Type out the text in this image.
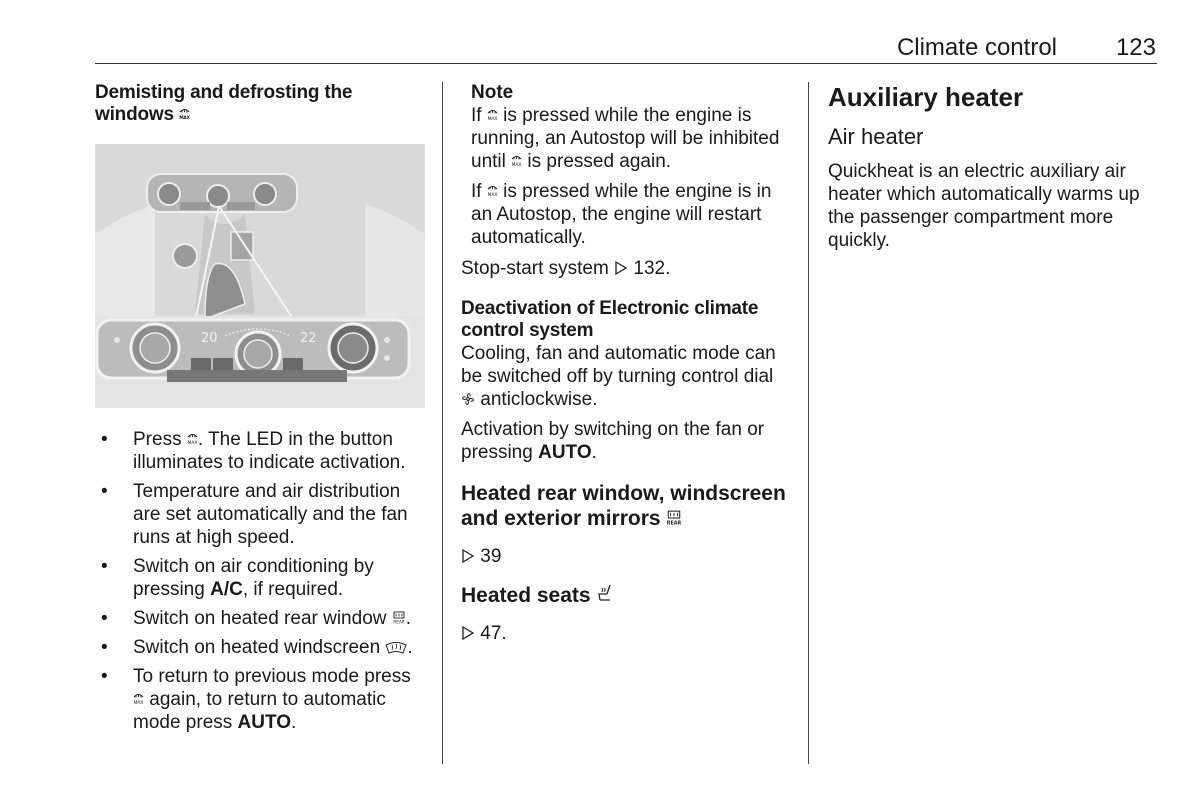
Climate control 123

Demisting and defrosting the windows MAX

20	22
• Press MAX . The LED in the button illuminates to indicate activation.
• Temperature and air distribution are set automatically and the fan runs at high speed.
• Switch on air conditioning by pressing A/C, if required.
• Switch on heated rear window REAR .
• Switch on heated windscreen .
• To return to previous mode press

MAX again, to return to automatic mode press AUTO.

Note

If MAX is pressed while the engine is running, an Autostop will be inhibited until MAX is pressed again.

If MAX is pressed while the engine is in an Autostop, the engine will restart automatically.

Stop-start system 132.

Deactivation of Electronic climate control system

Cooling, fan and automatic mode can be switched off by turning control dial  anticlockwise.

Activation by switching on the fan or pressing AUTO.

Heated rear window, windscreen and exterior mirrors REAR

39

Heated seats

47.

Auxiliary heater

Air heater

Quickheat is an electric auxiliary air heater which automatically warms up the passenger compartment more quickly.
